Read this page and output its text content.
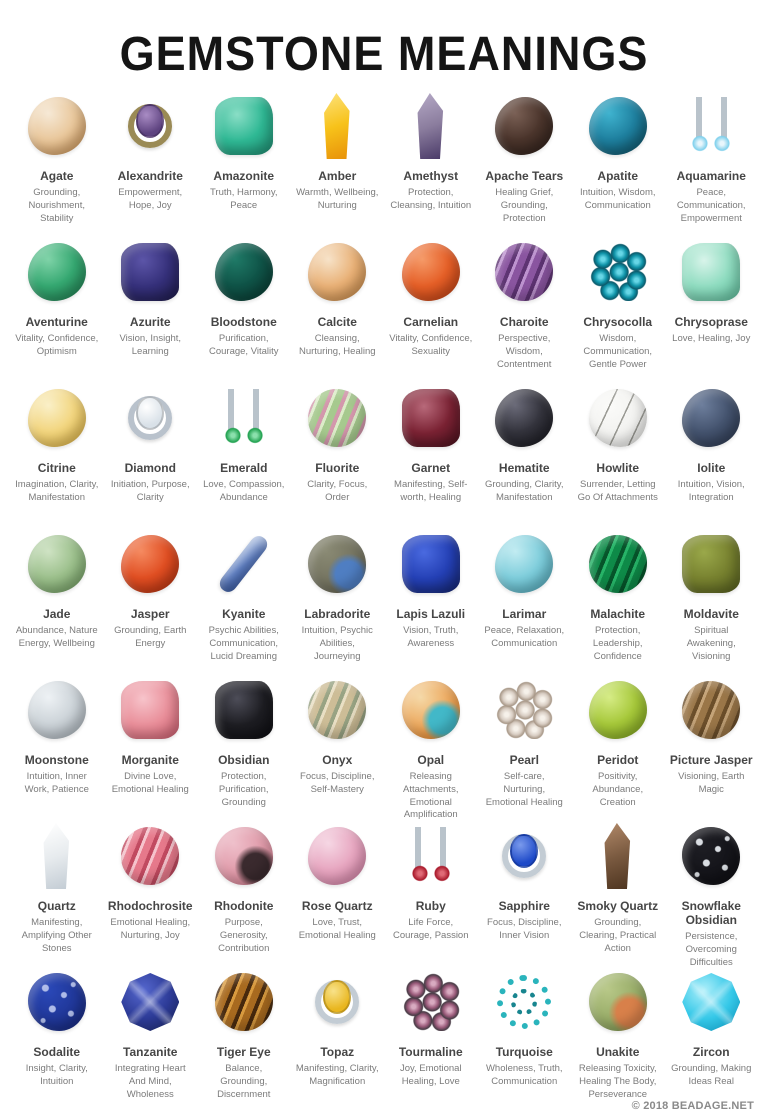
GEMSTONE MEANINGS
Agate
Grounding, Nourishment, Stability
Alexandrite
Empowerment, Hope, Joy
Amazonite
Truth, Harmony, Peace
Amber
Warmth, Wellbeing, Nurturing
Amethyst
Protection, Cleansing, Intuition
Apache Tears
Healing Grief, Grounding, Protection
Apatite
Intuition, Wisdom, Communication
Aquamarine
Peace, Communication, Empowerment
Aventurine
Vitality, Confidence, Optimism
Azurite
Vision, Insight, Learning
Bloodstone
Purification, Courage, Vitality
Calcite
Cleansing, Nurturing, Healing
Carnelian
Vitality, Confidence, Sexuality
Charoite
Perspective, Wisdom, Contentment
Chrysocolla
Wisdom, Communication, Gentle Power
Chrysoprase
Love, Healing, Joy
Citrine
Imagination, Clarity, Manifestation
Diamond
Initiation, Purpose, Clarity
Emerald
Love, Compassion, Abundance
Fluorite
Clarity, Focus, Order
Garnet
Manifesting, Self-worth, Healing
Hematite
Grounding, Clarity, Manifestation
Howlite
Surrender, Letting Go Of Attachments
Iolite
Intuition, Vision, Integration
Jade
Abundance, Nature Energy, Wellbeing
Jasper
Grounding, Earth Energy
Kyanite
Psychic Abilities, Communication, Lucid Dreaming
Labradorite
Intuition, Psychic Abilities, Journeying
Lapis Lazuli
Vision, Truth, Awareness
Larimar
Peace, Relaxation, Communication
Malachite
Protection, Leadership, Confidence
Moldavite
Spiritual Awakening, Visioning
Moonstone
Intuition, Inner Work, Patience
Morganite
Divine Love, Emotional Healing
Obsidian
Protection, Purification, Grounding
Onyx
Focus, Discipline, Self-Mastery
Opal
Releasing Attachments, Emotional Amplification
Pearl
Self-care, Nurturing, Emotional Healing
Peridot
Positivity, Abundance, Creation
Picture Jasper
Visioning, Earth Magic
Quartz
Manifesting, Amplifying Other Stones
Rhodochrosite
Emotional Healing, Nurturing, Joy
Rhodonite
Purpose, Generosity, Contribution
Rose Quartz
Love, Trust, Emotional Healing
Ruby
Life Force, Courage, Passion
Sapphire
Focus, Discipline, Inner Vision
Smoky Quartz
Grounding, Clearing, Practical Action
Snowflake Obsidian
Persistence, Overcoming Difficulties
Sodalite
Insight, Clarity, Intuition
Tanzanite
Integrating Heart And Mind, Wholeness
Tiger Eye
Balance, Grounding, Discernment
Topaz
Manifesting, Clarity, Magnification
Tourmaline
Joy, Emotional Healing, Love
Turquoise
Wholeness, Truth, Communication
Unakite
Releasing Toxicity, Healing The Body, Perseverance
Zircon
Grounding, Making Ideas Real
© 2018 BEADAGE.NET
